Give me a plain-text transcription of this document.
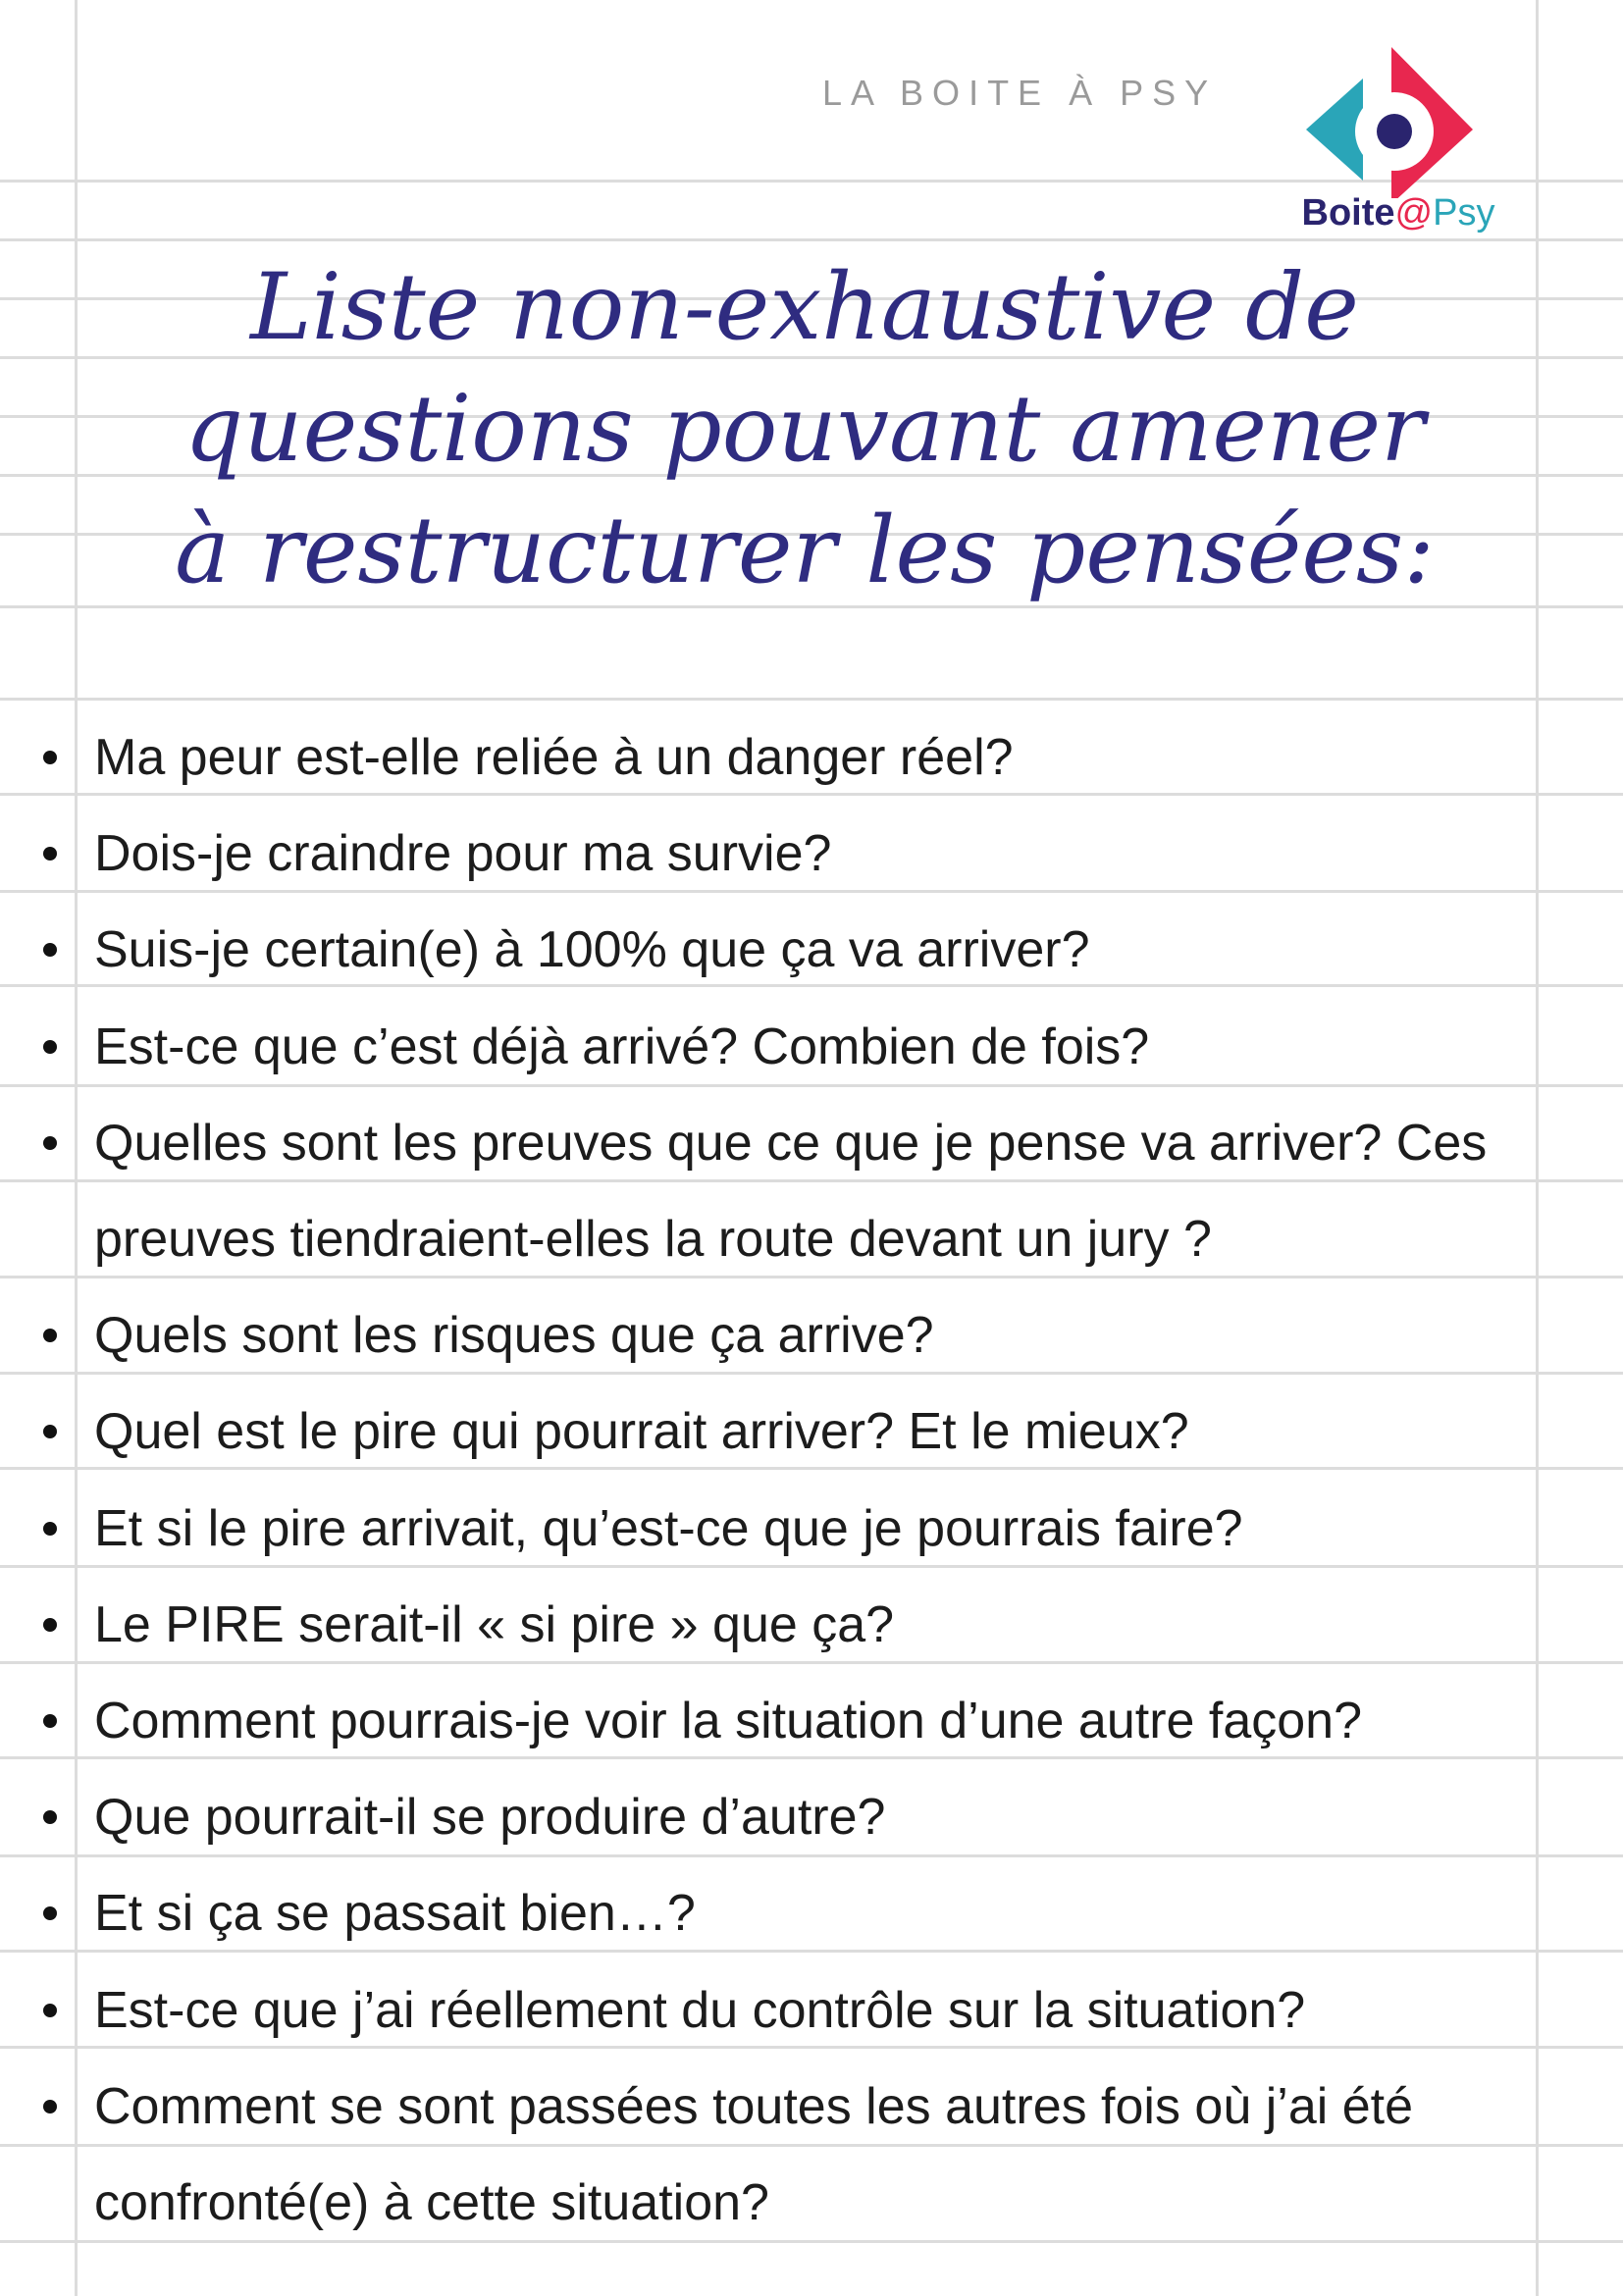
LA BOITE À PSY
Boite@Psy
Liste non-exhaustive de
questions pouvant amener
à restructurer les pensées:
Ma peur est-elle reliée à un danger réel?
Dois-je craindre pour ma survie?
Suis-je certain(e) à 100% que ça va arriver?
Est-ce que c’est déjà arrivé? Combien de fois?
Quelles sont les preuves que ce que je pense va arriver? Ces
preuves tiendraient-elles la route devant un jury ?
Quels sont les risques que ça arrive?
Quel est le pire qui pourrait arriver? Et le mieux?
Et si le pire arrivait, qu’est-ce que je pourrais faire?
Le PIRE serait-il « si pire » que ça?
Comment pourrais-je voir la situation d’une autre façon?
Que pourrait-il se produire d’autre?
Et si ça se passait bien…?
Est-ce que j’ai réellement du contrôle sur la situation?
Comment se sont passées toutes les autres fois où j’ai été
confronté(e) à cette situation?
